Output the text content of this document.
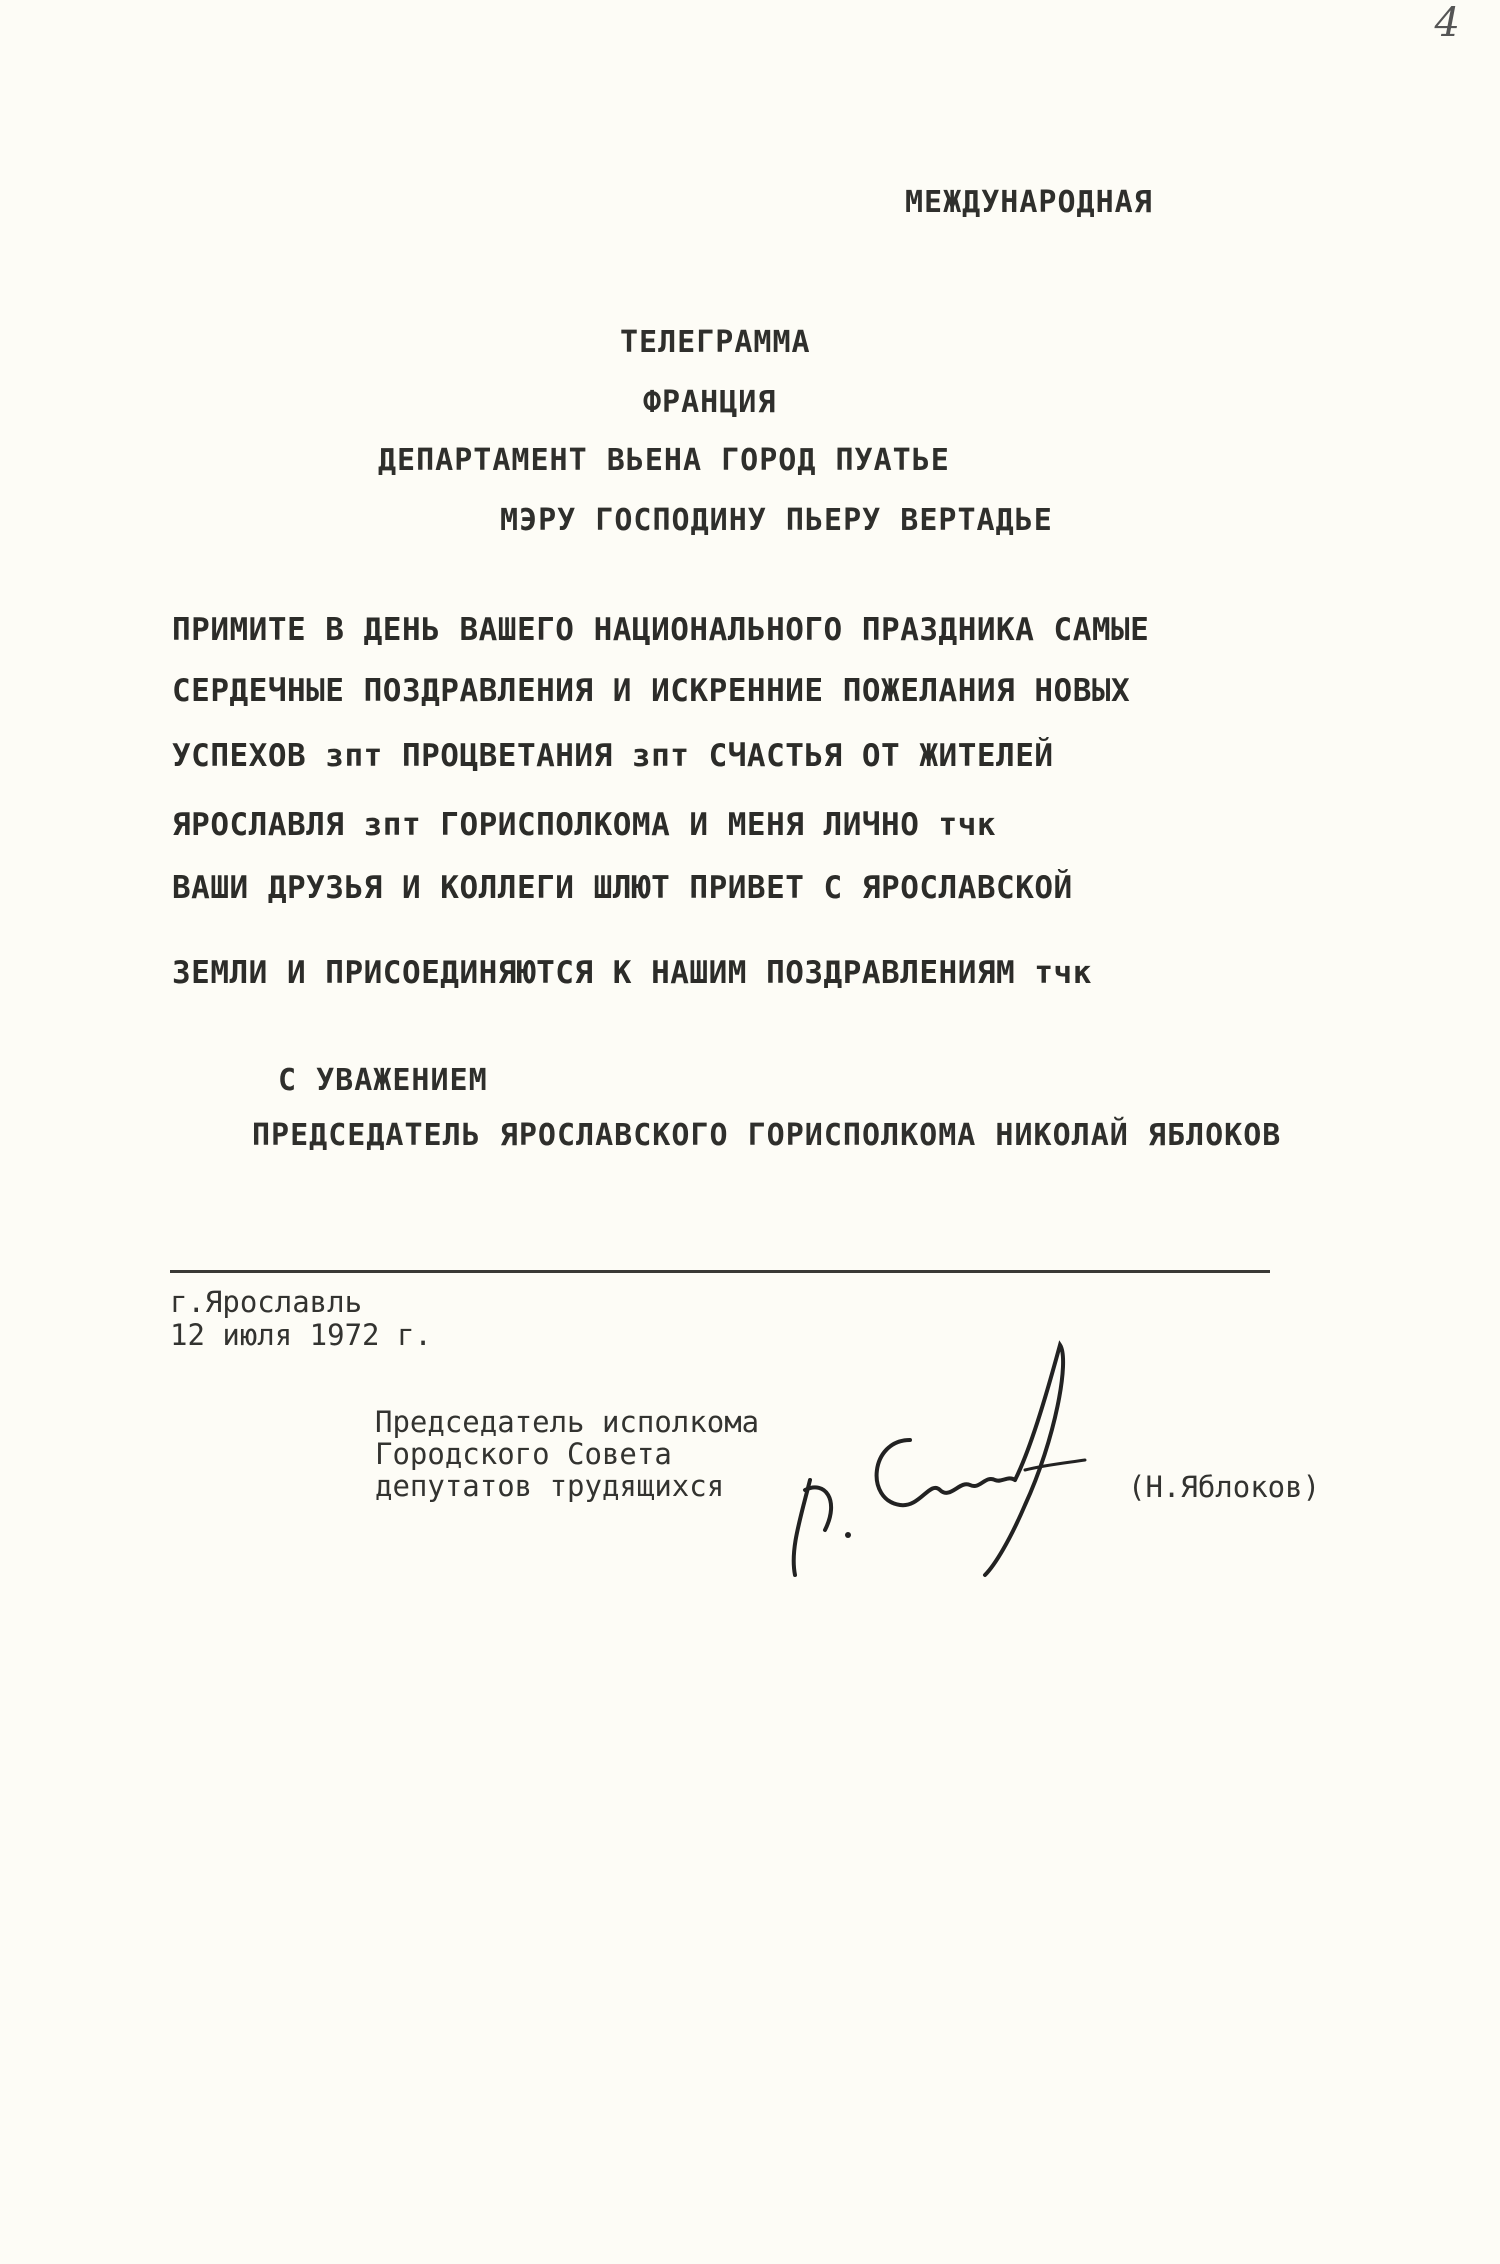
4
МЕЖДУНАРОДНАЯ
ТЕЛЕГРАММА
ФРАНЦИЯ
ДЕПАРТАМЕНТ ВЬЕНА ГОРОД ПУАТЬЕ
МЭРУ ГОСПОДИНУ ПЬЕРУ ВЕРТАДЬЕ
ПРИМИТЕ В ДЕНЬ ВАШЕГО НАЦИОНАЛЬНОГО ПРАЗДНИКА САМЫЕ
СЕРДЕЧНЫЕ ПОЗДРАВЛЕНИЯ И ИСКРЕННИЕ ПОЖЕЛАНИЯ НОВЫХ
УСПЕХОВ зпт ПРОЦВЕТАНИЯ зпт СЧАСТЬЯ ОТ ЖИТЕЛЕЙ
ЯРОСЛАВЛЯ зпт ГОРИСПОЛКОМА И МЕНЯ ЛИЧНО тчк
ВАШИ ДРУЗЬЯ И КОЛЛЕГИ ШЛЮТ ПРИВЕТ С ЯРОСЛАВСКОЙ
ЗЕМЛИ И ПРИСОЕДИНЯЮТСЯ К НАШИМ ПОЗДРАВЛЕНИЯМ тчк
С УВАЖЕНИЕМ
ПРЕДСЕДАТЕЛЬ ЯРОСЛАВСКОГО ГОРИСПОЛКОМА НИКОЛАЙ ЯБЛОКОВ
г.Ярославль
12 июля 1972 г.
Председатель исполкома
Городского Совета
депутатов трудящихся	(Н.Яблоков)
